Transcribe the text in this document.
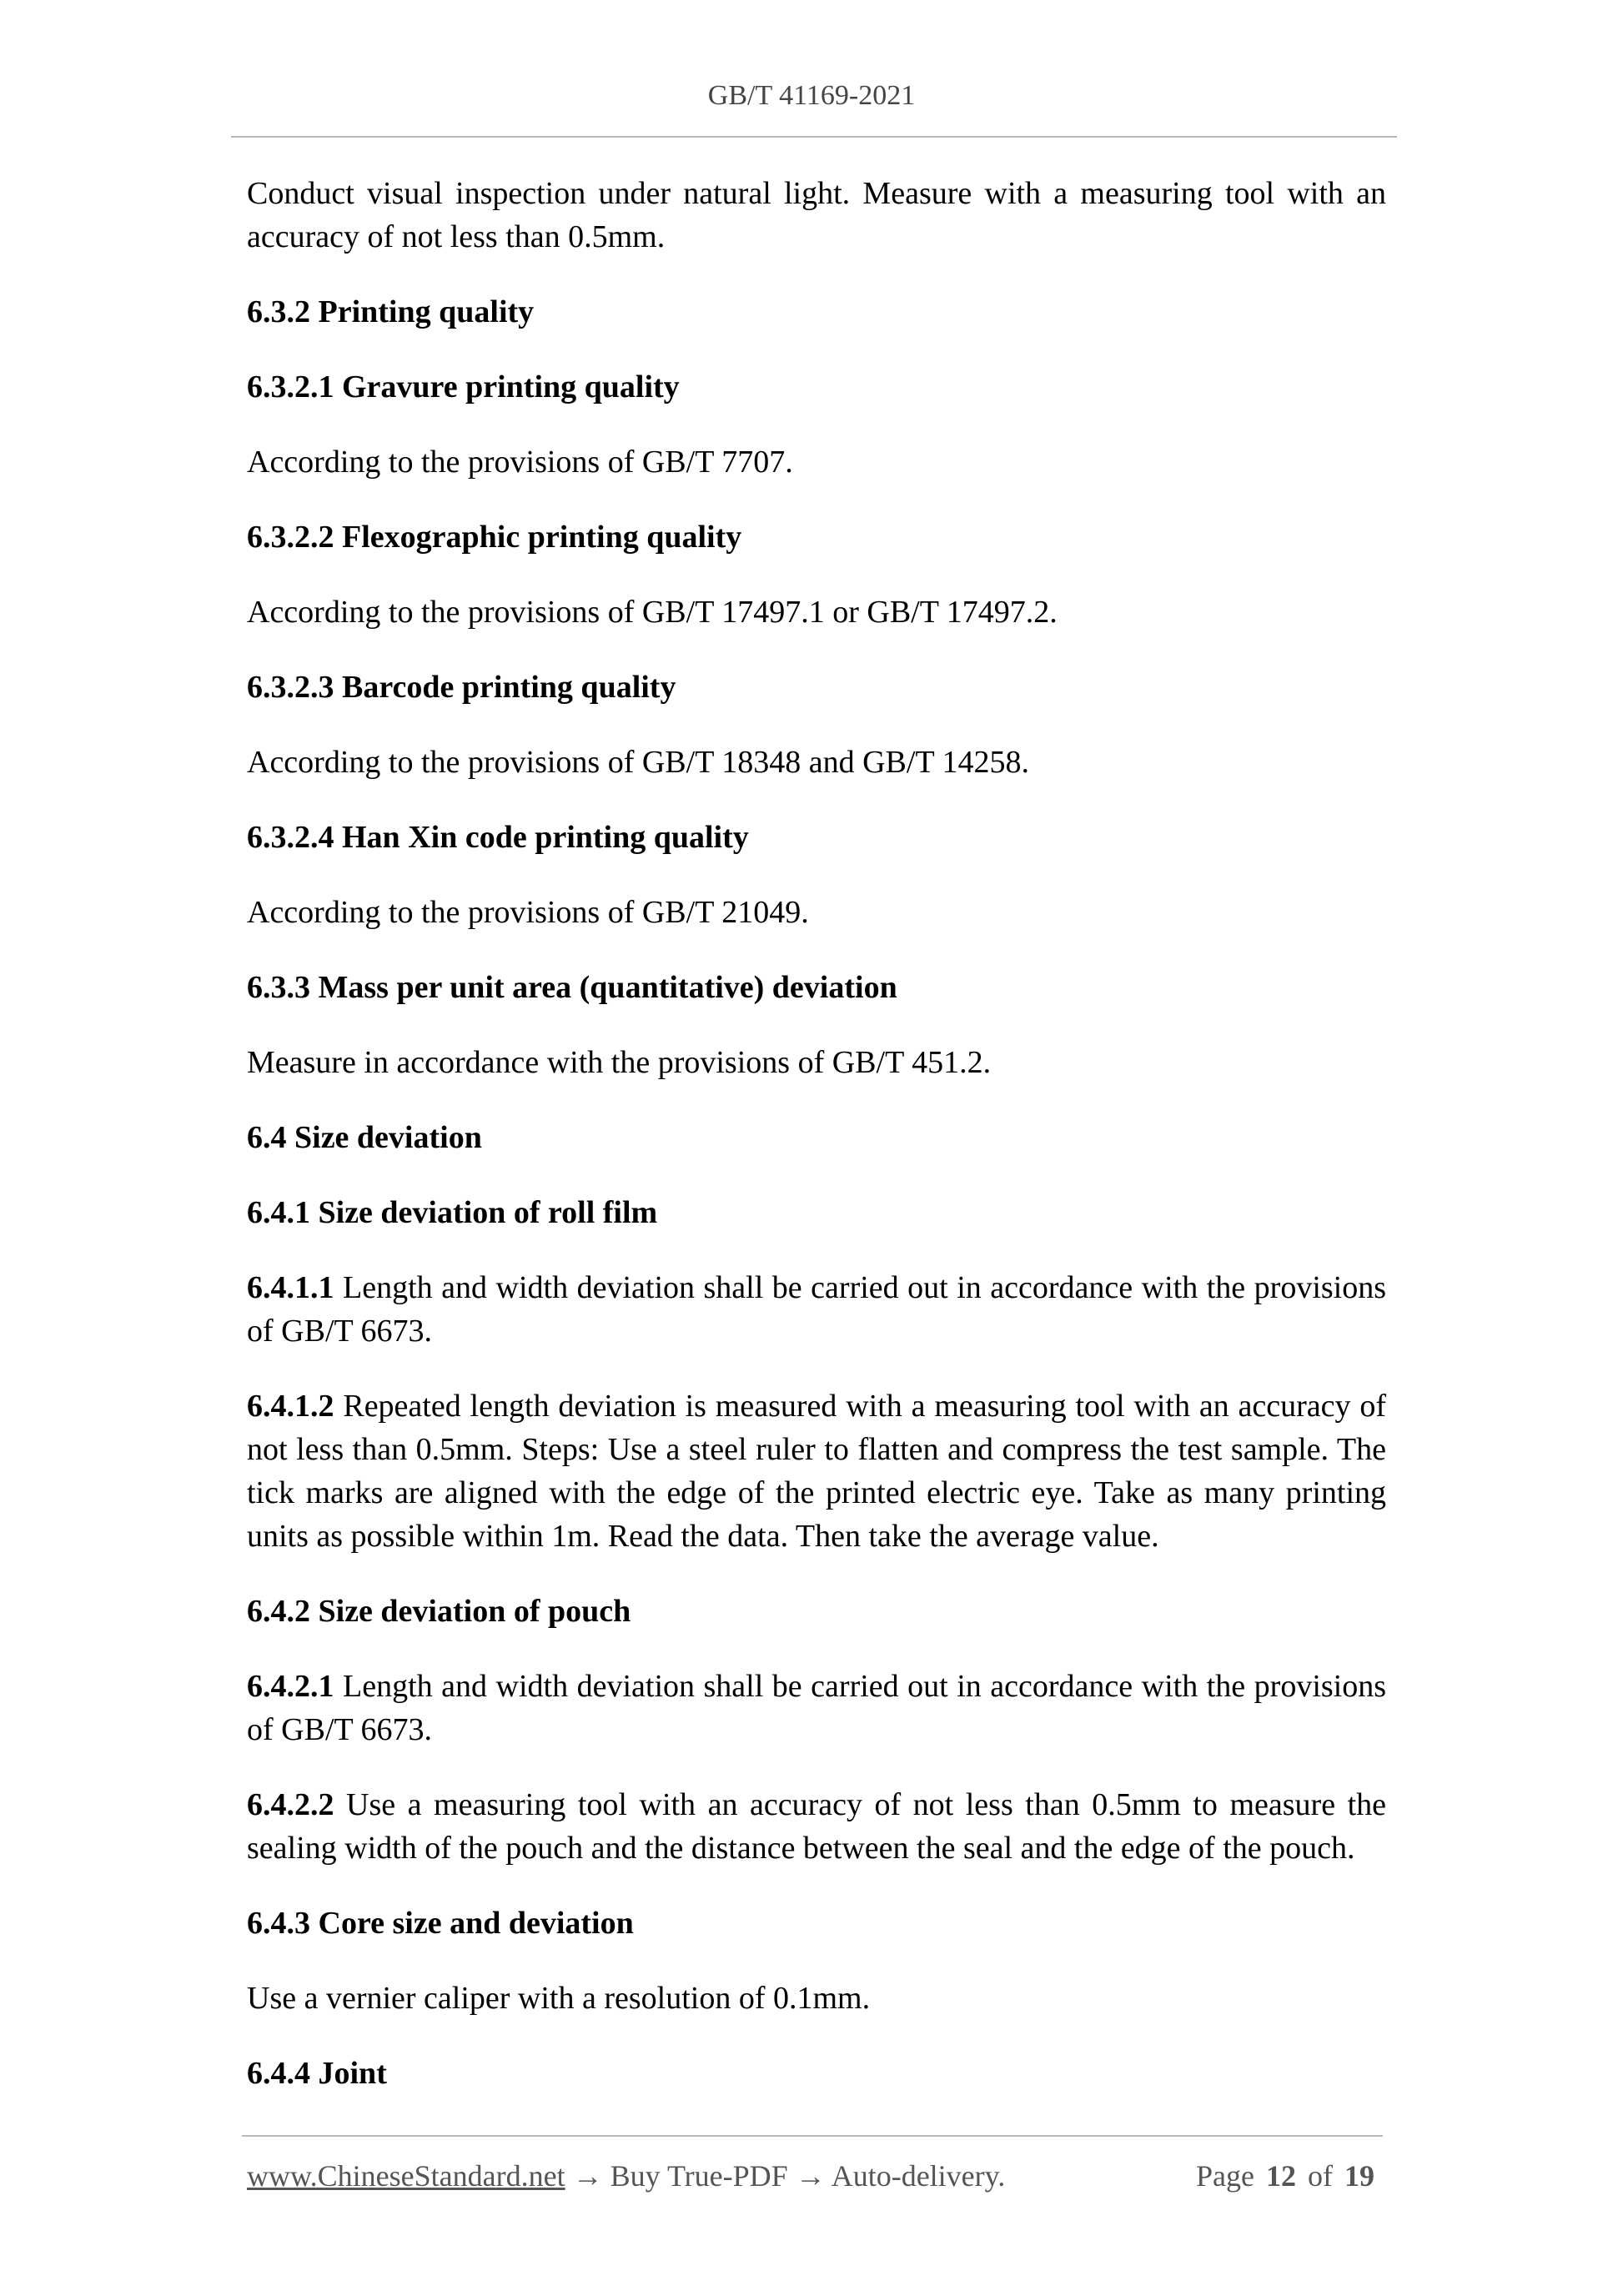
GB/T 41169-2021

Conduct visual inspection under natural light. Measure with a measuring tool with an accuracy of not less than 0.5mm.

6.3.2 Printing quality

6.3.2.1 Gravure printing quality

According to the provisions of GB/T 7707.

6.3.2.2 Flexographic printing quality

According to the provisions of GB/T 17497.1 or GB/T 17497.2.

6.3.2.3 Barcode printing quality

According to the provisions of GB/T 18348 and GB/T 14258.

6.3.2.4 Han Xin code printing quality

According to the provisions of GB/T 21049.

6.3.3 Mass per unit area (quantitative) deviation

Measure in accordance with the provisions of GB/T 451.2.

6.4 Size deviation

6.4.1 Size deviation of roll film

6.4.1.1 Length and width deviation shall be carried out in accordance with the provisions of GB/T 6673.

6.4.1.2 Repeated length deviation is measured with a measuring tool with an accuracy of not less than 0.5mm. Steps: Use a steel ruler to flatten and compress the test sample. The tick marks are aligned with the edge of the printed electric eye. Take as many printing units as possible within 1m. Read the data. Then take the average value.

6.4.2 Size deviation of pouch

6.4.2.1 Length and width deviation shall be carried out in accordance with the provisions of GB/T 6673.

6.4.2.2 Use a measuring tool with an accuracy of not less than 0.5mm to measure the sealing width of the pouch and the distance between the seal and the edge of the pouch.

6.4.3 Core size and deviation

Use a vernier caliper with a resolution of 0.1mm.

6.4.4 Joint

www.ChineseStandard.net → Buy True-PDF → Auto-delivery.	Page 12 of 19
